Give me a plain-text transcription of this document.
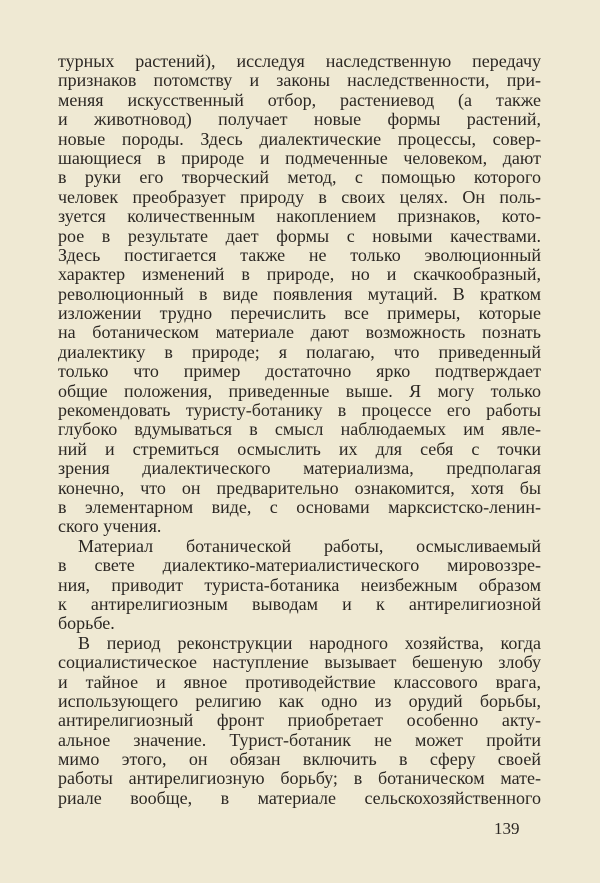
турных растений), исследуя наследственную передачу
признаков потомству и законы наследственности, при-
меняя искусственный отбор, растениевод (а также
и животновод) получает новые формы растений,
новые породы. Здесь диалектические процессы, совер-
шающиеся в природе и подмеченные человеком, дают
в руки его творческий метод, с помощью которого
человек преобразует природу в своих целях. Он поль-
зуется количественным накоплением признаков, кото-
рое в результате дает формы с новыми качествами.
Здесь постигается также не только эволюционный
характер изменений в природе, но и скачкообразный,
революционный в виде появления мутаций. В кратком
изложении трудно перечислить все примеры, которые
на ботаническом материале дают возможность познать
диалектику в природе; я полагаю, что приведенный
только что пример достаточно ярко подтверждает
общие положения, приведенные выше. Я могу только
рекомендовать туристу-ботанику в процессе его работы
глубоко вдумываться в смысл наблюдаемых им явле-
ний и стремиться осмыслить их для себя с точки
зрения диалектического материализма, предполагая
конечно, что он предварительно ознакомится, хотя бы
в элементарном виде, с основами марксистско-ленин-
ского учения.
Материал ботанической работы, осмысливаемый
в свете диалектико-материалистического мировоззре-
ния, приводит туриста-ботаника неизбежным образом
к антирелигиозным выводам и к антирелигиозной
борьбе.
В период реконструкции народного хозяйства, когда
социалистическое наступление вызывает бешеную злобу
и тайное и явное противодействие классового врага,
использующего религию как одно из орудий борьбы,
антирелигиозный фронт приобретает особенно акту-
альное значение. Турист-ботаник не может пройти
мимо этого, он обязан включить в сферу своей
работы антирелигиозную борьбу; в ботаническом мате-
риале вообще, в материале сельскохозяйственного
139
